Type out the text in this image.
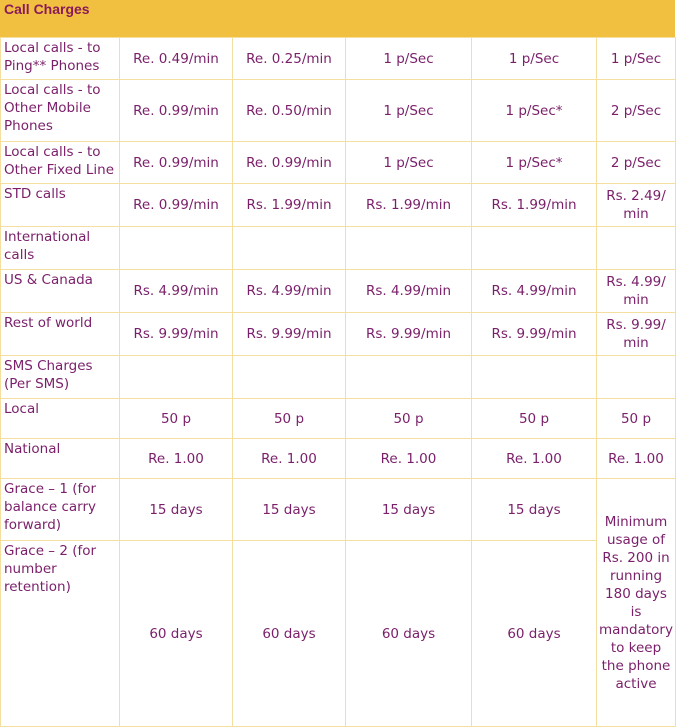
Call Charges
Local calls - to Ping** Phones	Re. 0.49/min	Re. 0.25/min	1 p/Sec	1 p/Sec	1 p/Sec
Local calls - to Other Mobile Phones	Re. 0.99/min	Re. 0.50/min	1 p/Sec	1 p/Sec*	2 p/Sec
Local calls - to Other Fixed Line	Re. 0.99/min	Re. 0.99/min	1 p/Sec	1 p/Sec*	2 p/Sec
STD calls	Re. 0.99/min	Rs. 1.99/min	Rs. 1.99/min	Rs. 1.99/min	Rs. 2.49/ min
International calls					
US & Canada	Rs. 4.99/min	Rs. 4.99/min	Rs. 4.99/min	Rs. 4.99/min	Rs. 4.99/ min
Rest of world	Rs. 9.99/min	Rs. 9.99/min	Rs. 9.99/min	Rs. 9.99/min	Rs. 9.99/ min
SMS Charges (Per SMS)					
Local	50 p	50 p	50 p	50 p	50 p
National	Re. 1.00	Re. 1.00	Re. 1.00	Re. 1.00	Re. 1.00
Grace – 1 (for balance carry forward)	15 days	15 days	15 days	15 days	Minimum usage of Rs. 200 in running 180 days is mandatory to keep the phone active
Grace – 2 (for number retention)	60 days	60 days	60 days	60 days	
